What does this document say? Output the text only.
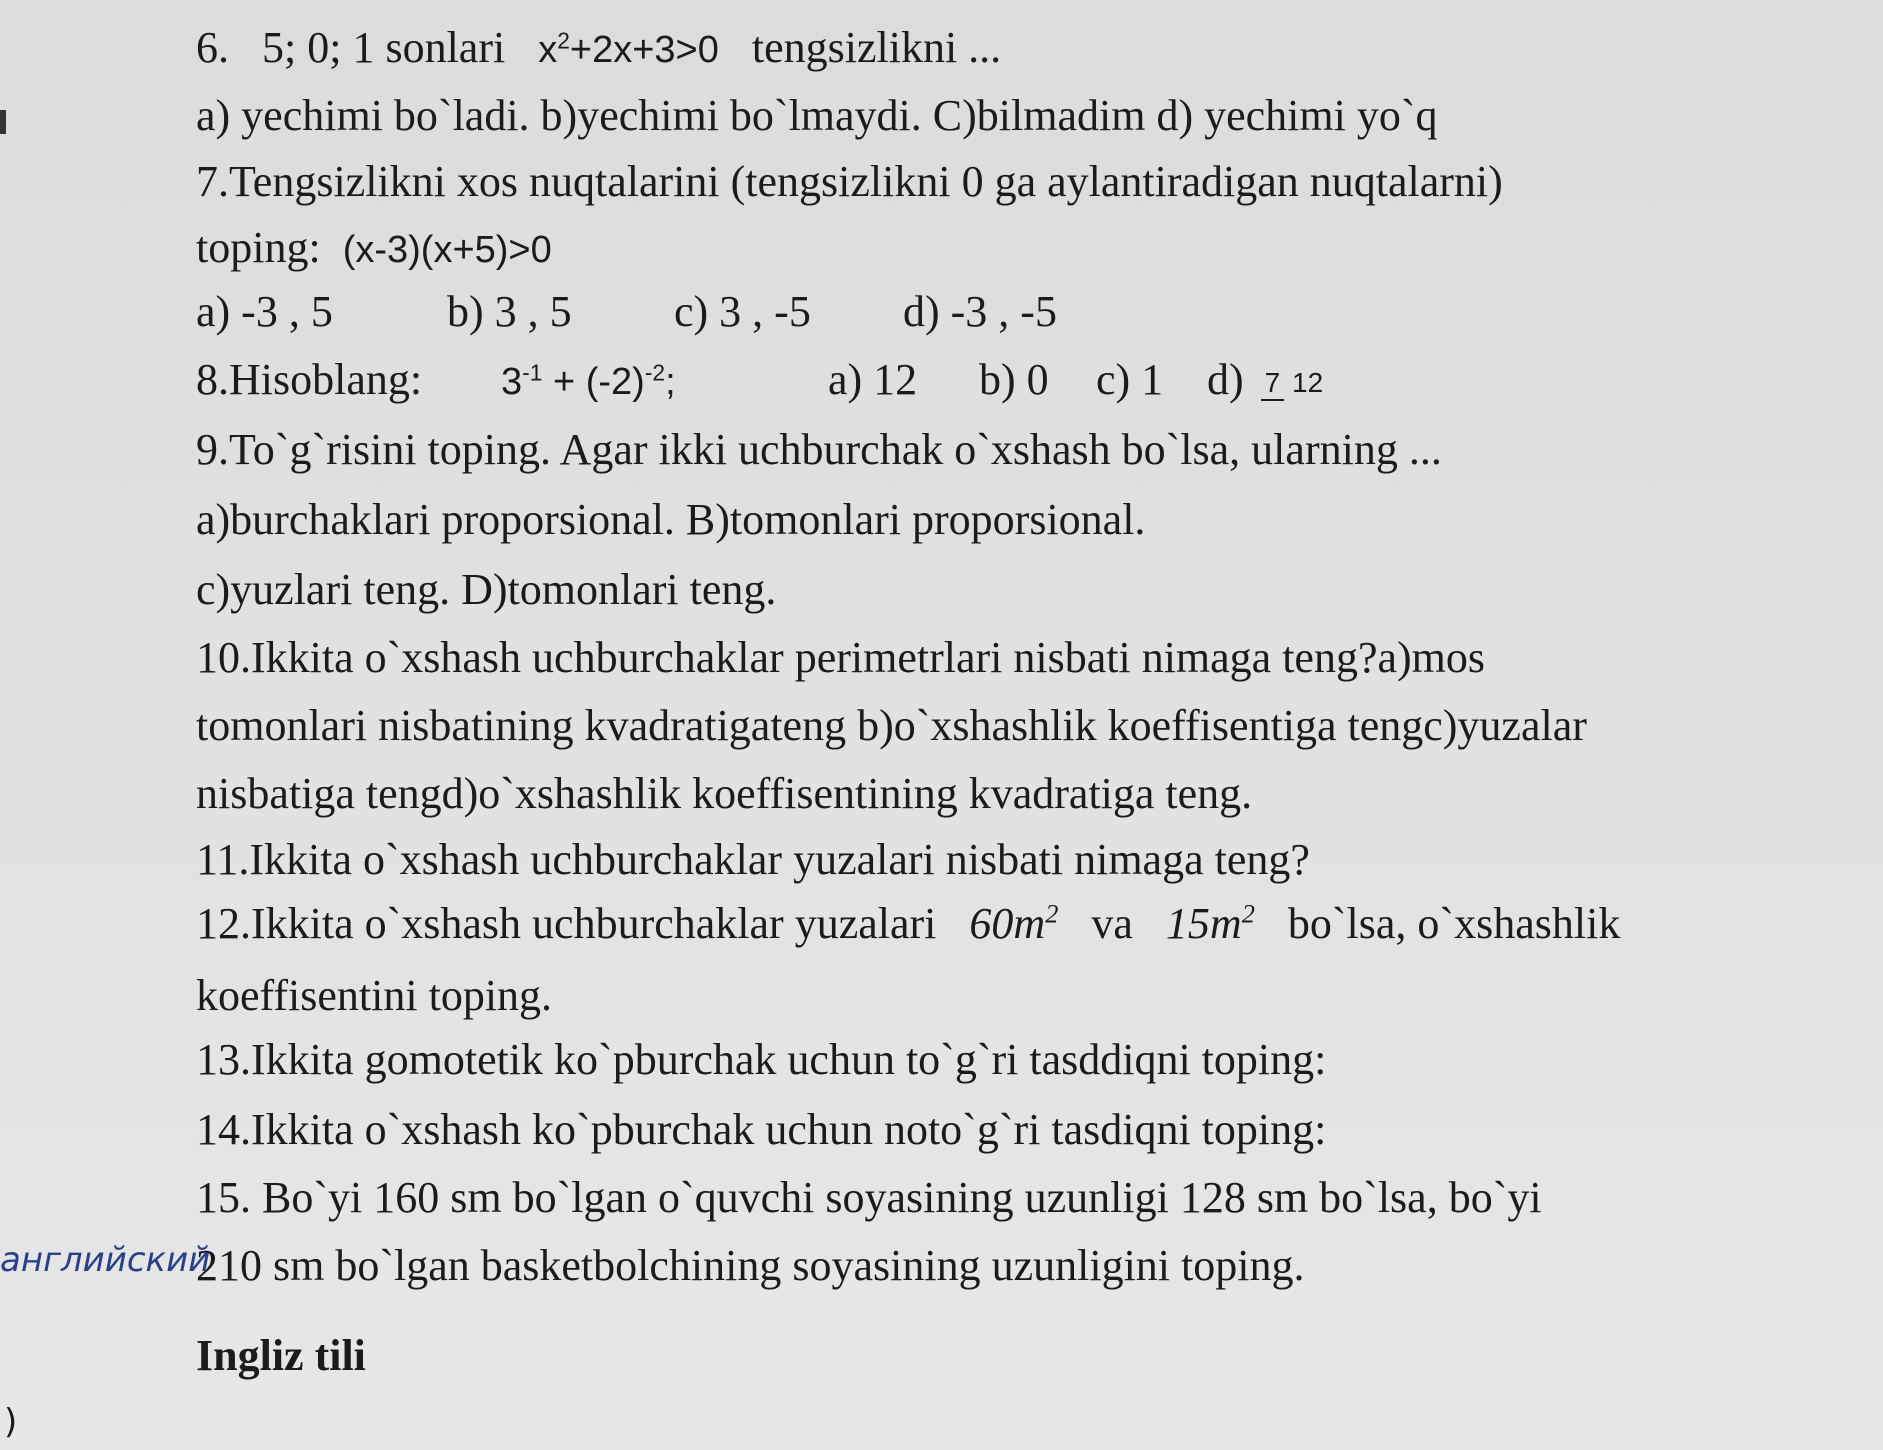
6. 5; 0; 1 sonlari $x^2+2x+3>0$ tengsizlikni ...
a) yechimi bo`ladi. b)yechimi bo`lmaydi. C)bilmadim d) yechimi yo`q
7.Tengsizlikni xos nuqtalarini (tengsizlikni 0 ga aylantiradigan nuqtalarni)
toping: (x-3)(x+5)>0
a) -3 , 5	b) 3 , 5 c) 3 , -5 d) -3 , -5
8.Hisoblang: $3^{-1} + (-2)^{-2}$;	a) 12 b) 0 c) 1 d) 7 12
9.To`g`risini toping. Agar ikki uchburchak o`xshash bo`lsa, ularning ...
a)burchaklari proporsional. B)tomonlari proporsional.
c)yuzlari teng. D)tomonlari teng.
10.Ikkita o`xshash uchburchaklar perimetrlari nisbati nimaga teng?a)mos
tomonlari nisbatining kvadratigateng b)o`xshashlik koeffisentiga tengc)yuzalar
nisbatiga tengd)o`xshashlik koeffisentining kvadratiga teng.
11.Ikkita o`xshash uchburchaklar yuzalari nisbati nimaga teng?
12.Ikkita o`xshash uchburchaklar yuzalari $60m^2$ va $15m^2$ bo`lsa, o`xshashlik
koeffisentini toping.
13.Ikkita gomotetik ko`pburchak uchun to`g`ri tasddiqni toping:
14.Ikkita o`xshash ko`pburchak uchun noto`g`ri tasdiqni toping:
15. Bo`yi 160 sm bo`lgan o`quvchi soyasining uzunligi 128 sm bo`lsa, bo`yi
210 sm bo`lgan basketbolchining soyasining uzunligini toping.
Ingliz tili
английский
)
